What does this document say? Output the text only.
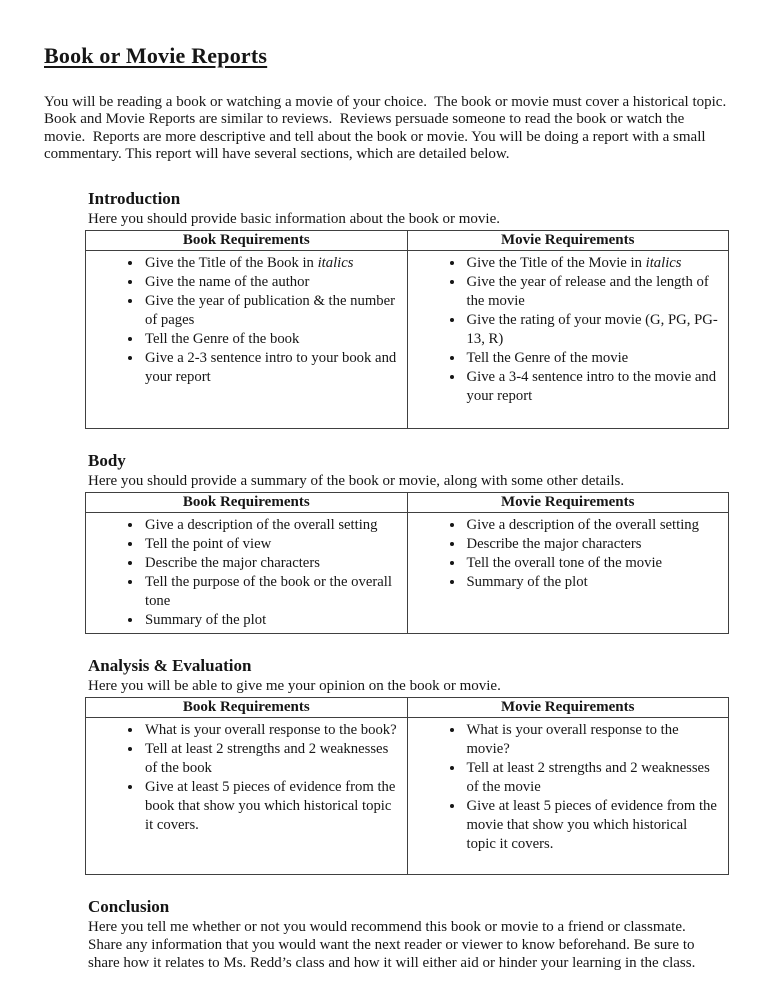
Book or Movie Reports

You will be reading a book or watching a movie of your choice.  The book or movie must cover a historical topic. Book and Movie Reports are similar to reviews.  Reviews persuade someone to read the book or watch the movie.  Reports are more descriptive and tell about the book or movie. You will be doing a report with a small commentary. This report will have several sections, which are detailed below.

Introduction

Here you should provide basic information about the book or movie.

Book Requirements	Movie Requirements

• Give the Title of the Book in italics
• Give the name of the author
• Give the year of publication & the number of pages
• Tell the Genre of the book
• Give a 2-3 sentence intro to your book and your report

• Give the Title of the Movie in italics
• Give the year of release and the length of the movie
• Give the rating of your movie (G, PG, PG-13, R)
• Tell the Genre of the movie
• Give a 3-4 sentence intro to the movie and your report
Body

Here you should provide a summary of the book or movie, along with some other details.

Book Requirements	Movie Requirements

• Give a description of the overall setting
• Tell the point of view
• Describe the major characters
• Tell the purpose of the book or the overall tone
• Summary of the plot

• Give a description of the overall setting
• Describe the major characters
• Tell the overall tone of the movie
• Summary of the plot
Analysis & Evaluation

Here you will be able to give me your opinion on the book or movie.

Book Requirements	Movie Requirements

• What is your overall response to the book?
• Tell at least 2 strengths and 2 weaknesses of the book
• Give at least 5 pieces of evidence from the book that show you which historical topic it covers.

• What is your overall response to the movie?
• Tell at least 2 strengths and 2 weaknesses of the movie
• Give at least 5 pieces of evidence from the movie that show you which historical topic it covers.
Conclusion

Here you tell me whether or not you would recommend this book or movie to a friend or classmate.  Share any information that you would want the next reader or viewer to know beforehand. Be sure to share how it relates to Ms. Redd’s class and how it will either aid or hinder your learning in the class.
